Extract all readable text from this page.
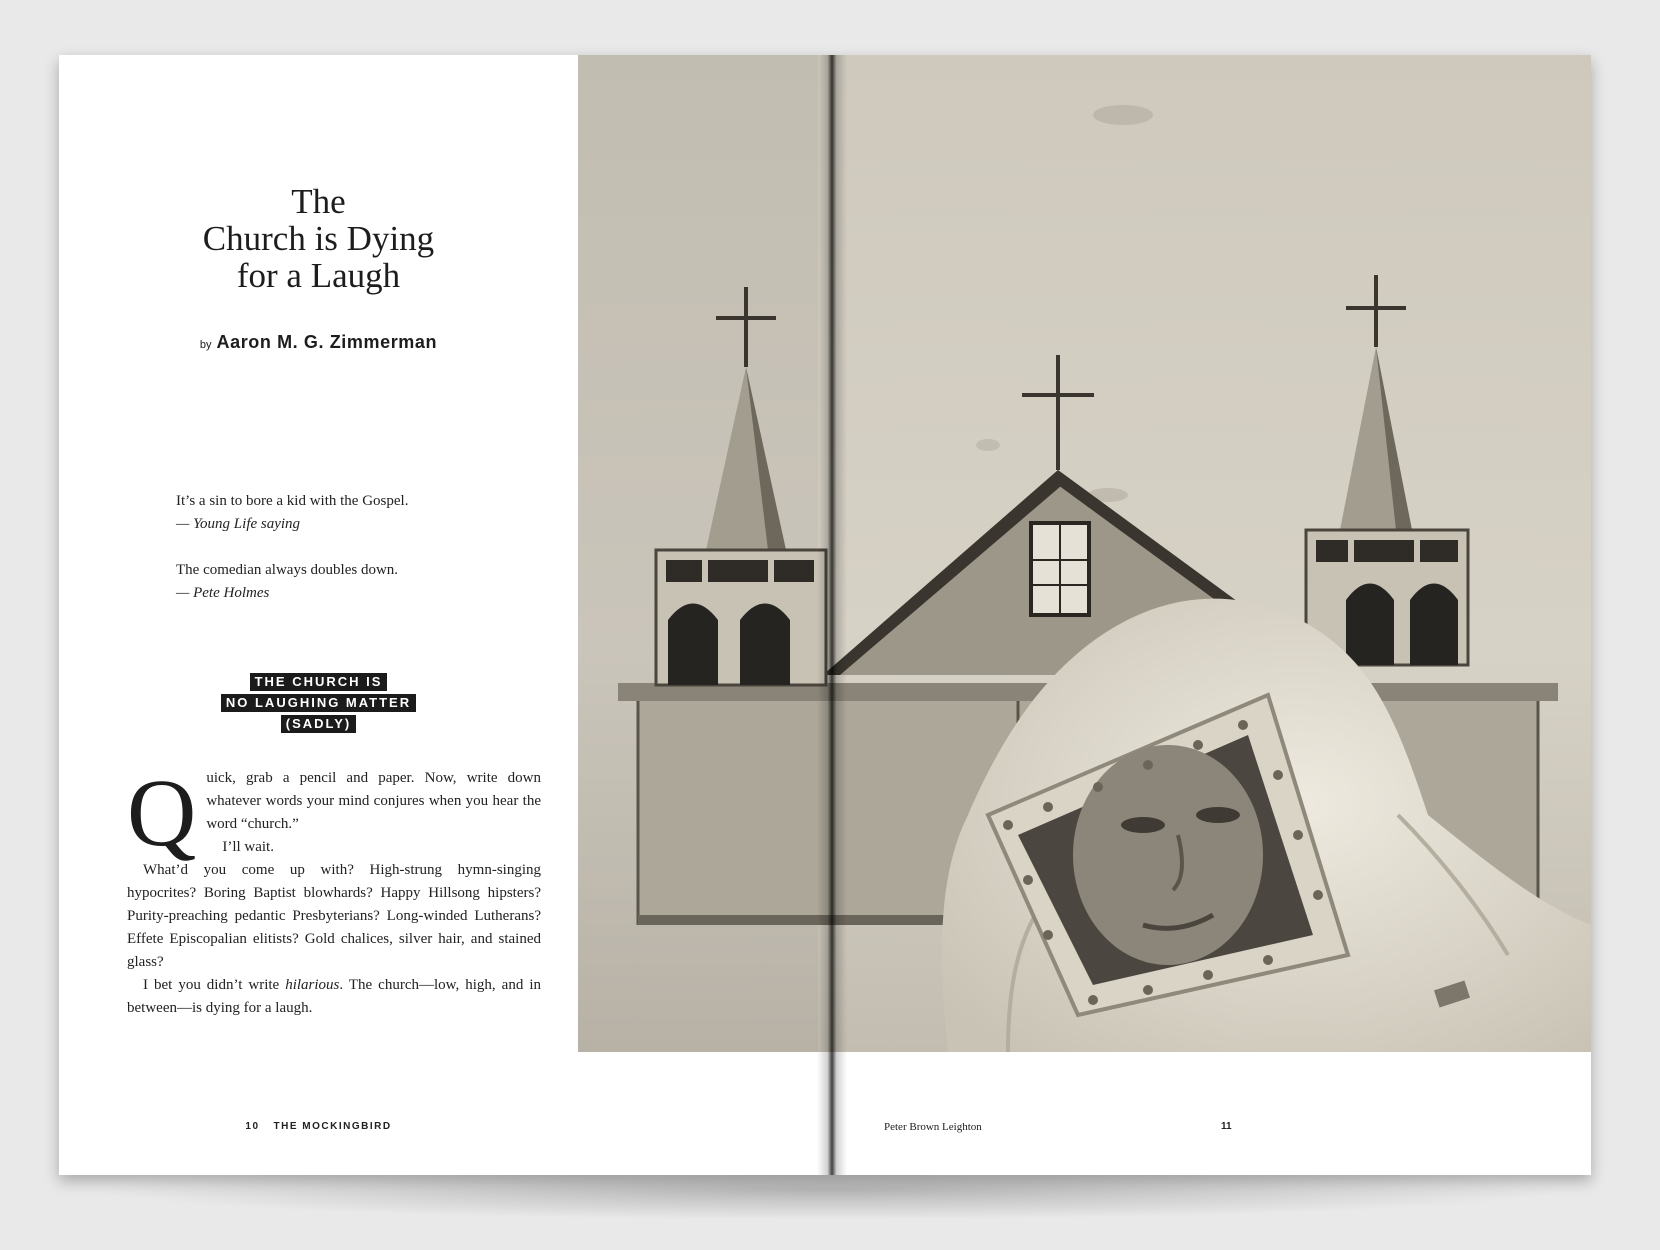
The
Church is Dying
for a Laugh
by Aaron M. G. Zimmerman
It’s a sin to bore a kid with the Gospel.
— Young Life saying
The comedian always doubles down.
— Pete Holmes
THE CHURCH IS
NO LAUGHING MATTER
(SADLY)
Q uick, grab a pencil and paper. Now, write down whatever words your mind conjures when you hear the word “church.”

I’ll wait.

What’d you come up with? High-strung hymn-singing hypocrites? Boring Baptist blowhards? Happy Hillsong hipsters? Purity-preaching pedantic Presbyterians? Long-winded Lutherans? Effete Episcopalian elitists? Gold chalices, silver hair, and stained glass?

I bet you didn’t write hilarious. The church—low, high, and in between—is dying for a laugh.

10 THE MOCKINGBIRD	Peter Brown Leighton	11
